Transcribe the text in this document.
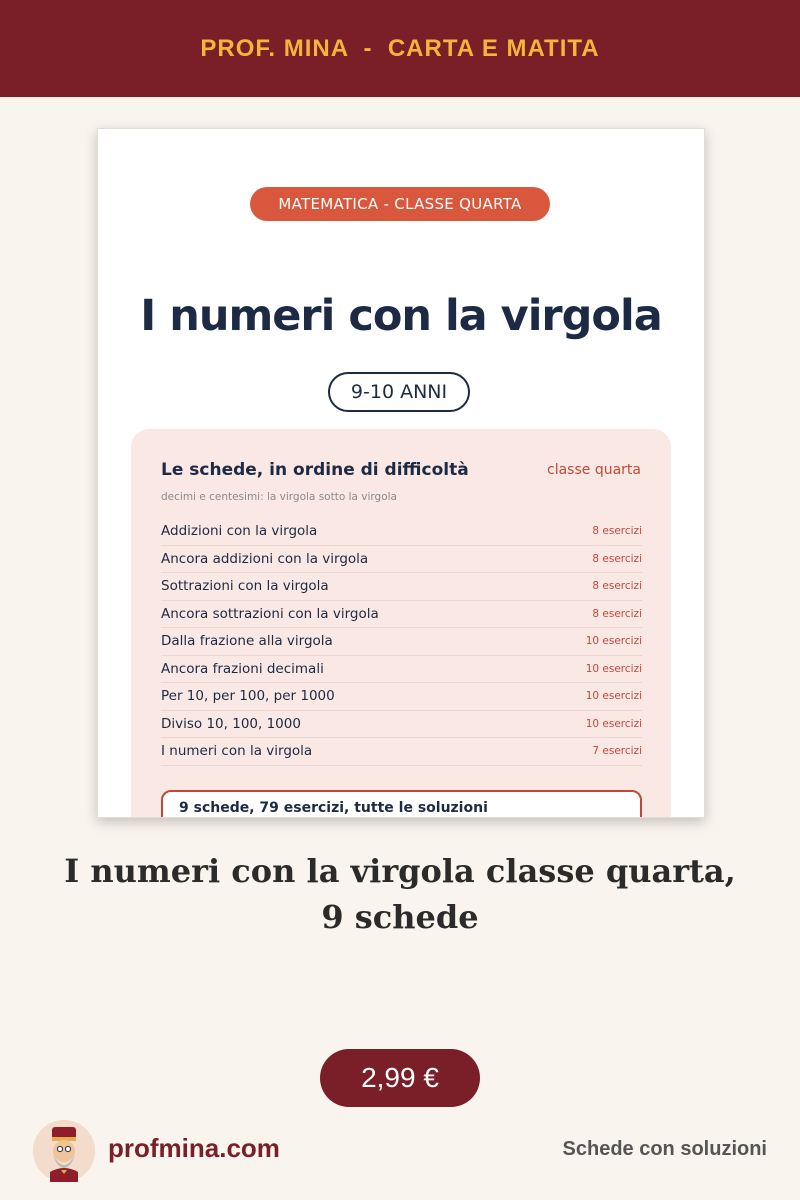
PROF. MINA  -  CARTA E MATITA
MATEMATICA - CLASSE QUARTA
I numeri con la virgola
9-10 ANNI
Le schede, in ordine di difficoltà	classe quarta
decimi e centesimi: la virgola sotto la virgola
Addizioni con la virgola	8 esercizi
Ancora addizioni con la virgola	8 esercizi
Sottrazioni con la virgola	8 esercizi
Ancora sottrazioni con la virgola	8 esercizi
Dalla frazione alla virgola	10 esercizi
Ancora frazioni decimali	10 esercizi
Per 10, per 100, per 1000	10 esercizi
Diviso 10, 100, 1000	10 esercizi
I numeri con la virgola	7 esercizi
9 schede, 79 esercizi, tutte le soluzioni
I numeri con la virgola classe quarta,
9 schede
2,99 €
profmina.com	Schede con soluzioni
